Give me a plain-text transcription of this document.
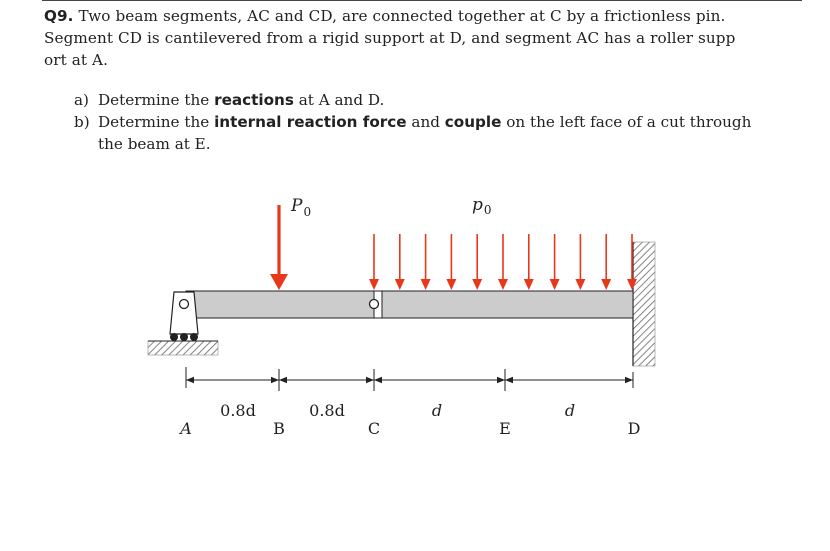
Q9. Two beam segments, AC and CD, are connected together at C by a frictionless pin.
Segment CD is cantilevered from a rigid support at D, and segment AC has a roller supp
ort at A.
a) Determine the reactions at A and D.
b) Determine the internal reaction force and couple on the left face of a cut through
the beam at E.
$P_0$	$p_0$
0.8d	0.8d	d	d
A	B	C	E	D
